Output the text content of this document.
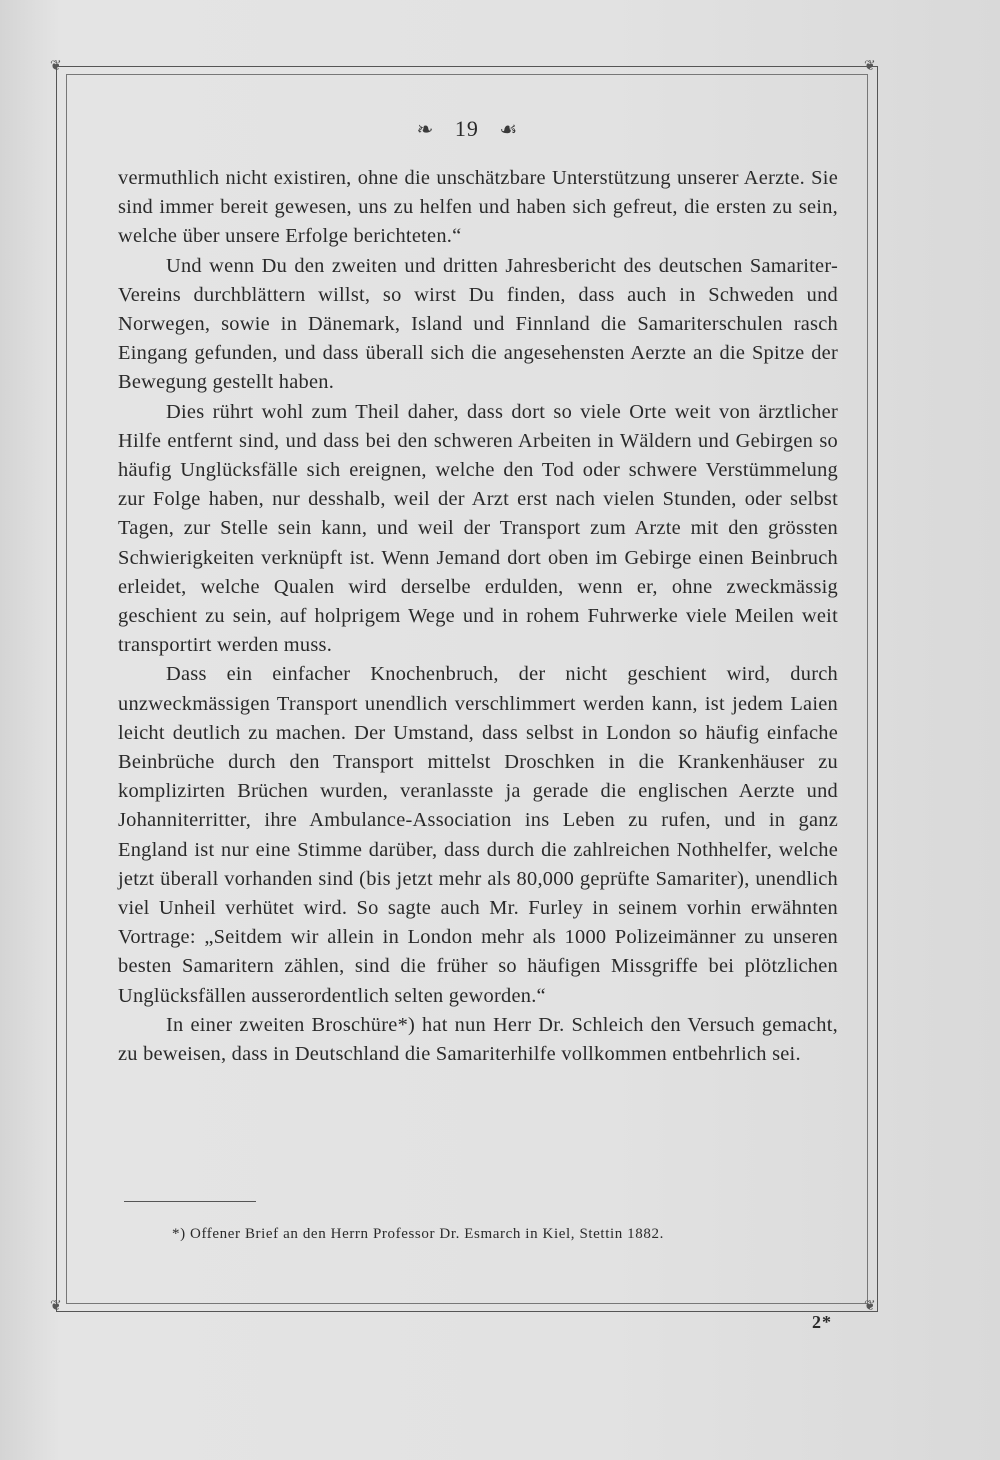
❦	❦
❦	❦
❧ 19 ☙

vermuthlich nicht existiren, ohne die unschätzbare Unterstützung unserer Aerzte. Sie sind immer bereit gewesen, uns zu helfen und haben sich gefreut, die ersten zu sein, welche über unsere Erfolge berichteten.“

Und wenn Du den zweiten und dritten Jahresbericht des deutschen Samariter-Vereins durchblättern willst, so wirst Du finden, dass auch in Schweden und Norwegen, sowie in Dänemark, Island und Finnland die Samariterschulen rasch Eingang gefunden, und dass überall sich die angesehensten Aerzte an die Spitze der Bewegung gestellt haben.

Dies rührt wohl zum Theil daher, dass dort so viele Orte weit von ärztlicher Hilfe entfernt sind, und dass bei den schweren Arbeiten in Wäldern und Gebirgen so häufig Unglücksfälle sich ereignen, welche den Tod oder schwere Verstümmelung zur Folge haben, nur desshalb, weil der Arzt erst nach vielen Stunden, oder selbst Tagen, zur Stelle sein kann, und weil der Transport zum Arzte mit den grössten Schwierigkeiten verknüpft ist. Wenn Jemand dort oben im Gebirge einen Beinbruch erleidet, welche Qualen wird derselbe erdulden, wenn er, ohne zweckmässig geschient zu sein, auf holprigem Wege und in rohem Fuhrwerke viele Meilen weit transportirt werden muss.

Dass ein einfacher Knochenbruch, der nicht geschient wird, durch unzweckmässigen Transport unendlich verschlimmert werden kann, ist jedem Laien leicht deutlich zu machen. Der Umstand, dass selbst in London so häufig einfache Beinbrüche durch den Transport mittelst Droschken in die Krankenhäuser zu komplizirten Brüchen wurden, veranlasste ja gerade die englischen Aerzte und Johanniterritter, ihre Ambulance-Association ins Leben zu rufen, und in ganz England ist nur eine Stimme darüber, dass durch die zahlreichen Nothhelfer, welche jetzt überall vorhanden sind (bis jetzt mehr als 80,000 geprüfte Samariter), unendlich viel Unheil verhütet wird. So sagte auch Mr. Furley in seinem vorhin erwähnten Vortrage: „Seitdem wir allein in London mehr als 1000 Polizeimänner zu unseren besten Samaritern zählen, sind die früher so häufigen Missgriffe bei plötzlichen Unglücksfällen ausserordentlich selten geworden.“

In einer zweiten Broschüre*) hat nun Herr Dr. Schleich den Versuch gemacht, zu beweisen, dass in Deutschland die Samariterhilfe vollkommen entbehrlich sei.

*) Offener Brief an den Herrn Professor Dr. Esmarch in Kiel, Stettin 1882.
2*
